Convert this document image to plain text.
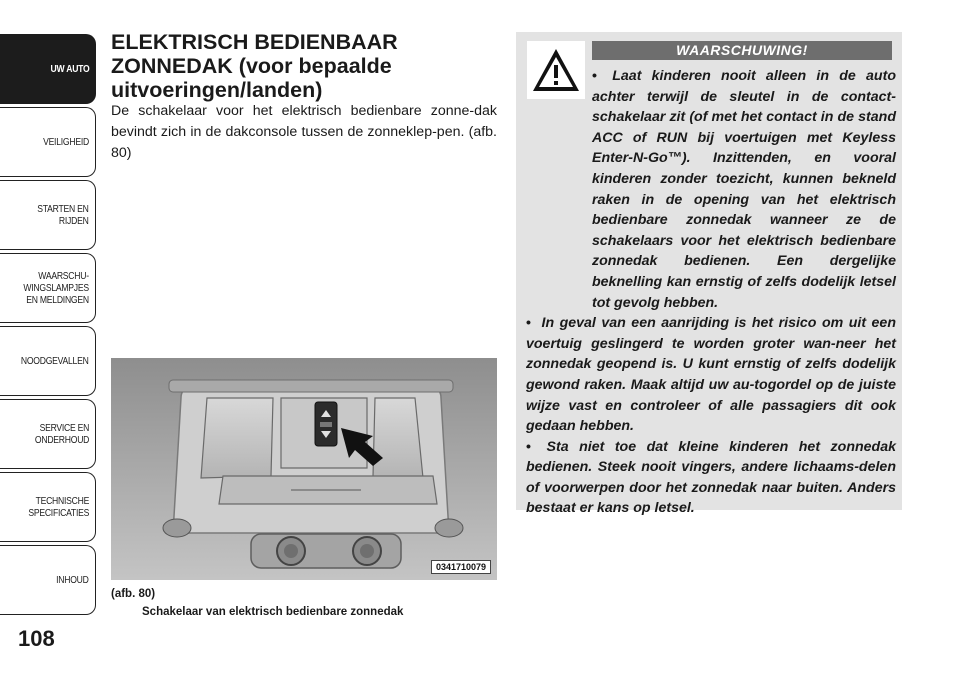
UW AUTO
VEILIGHEID
STARTEN EN
RIJDEN
WAARSCHU-
WINGSLAMPJES
EN MELDINGEN
NOODGEVALLEN
SERVICE EN
ONDERHOUD
TECHNISCHE
SPECIFICATIES
INHOUD
108
ELEKTRISCH BEDIENBAAR ZONNEDAK (voor bepaalde uitvoeringen/landen)

De schakelaar voor het elektrisch bedienbare zonne-dak bevindt zich in de dakconsole tussen de zonneklep-pen. (afb. 80)

0341710079
(afb. 80)
Schakelaar van elektrisch bedienbare zonnedak
WAARSCHUWING!

• Laat kinderen nooit alleen in de auto achter terwijl de sleutel in de contact-schakelaar zit (of met het contact in de stand ACC of RUN bij voertuigen met Keyless Enter-N-Go™). Inzittenden, en vooral kinderen zonder toezicht, kunnen bekneld raken in de opening van het elektrisch bedienbare zonnedak wanneer ze de schakelaars voor het elektrisch bedienbare zonnedak bedienen. Een dergelijke beknelling kan ernstig of zelfs dodelijk letsel tot gevolg hebben.

• In geval van een aanrijding is het risico om uit een voertuig geslingerd te worden groter wan-neer het zonnedak geopend is. U kunt ernstig of zelfs dodelijk gewond raken. Maak altijd uw au-togordel op de juiste wijze vast en controleer of alle passagiers dit ook gedaan hebben.

• Sta niet toe dat kleine kinderen het zonnedak bedienen. Steek nooit vingers, andere lichaams-delen of voorwerpen door het zonnedak naar buiten. Anders bestaat er kans op letsel.
